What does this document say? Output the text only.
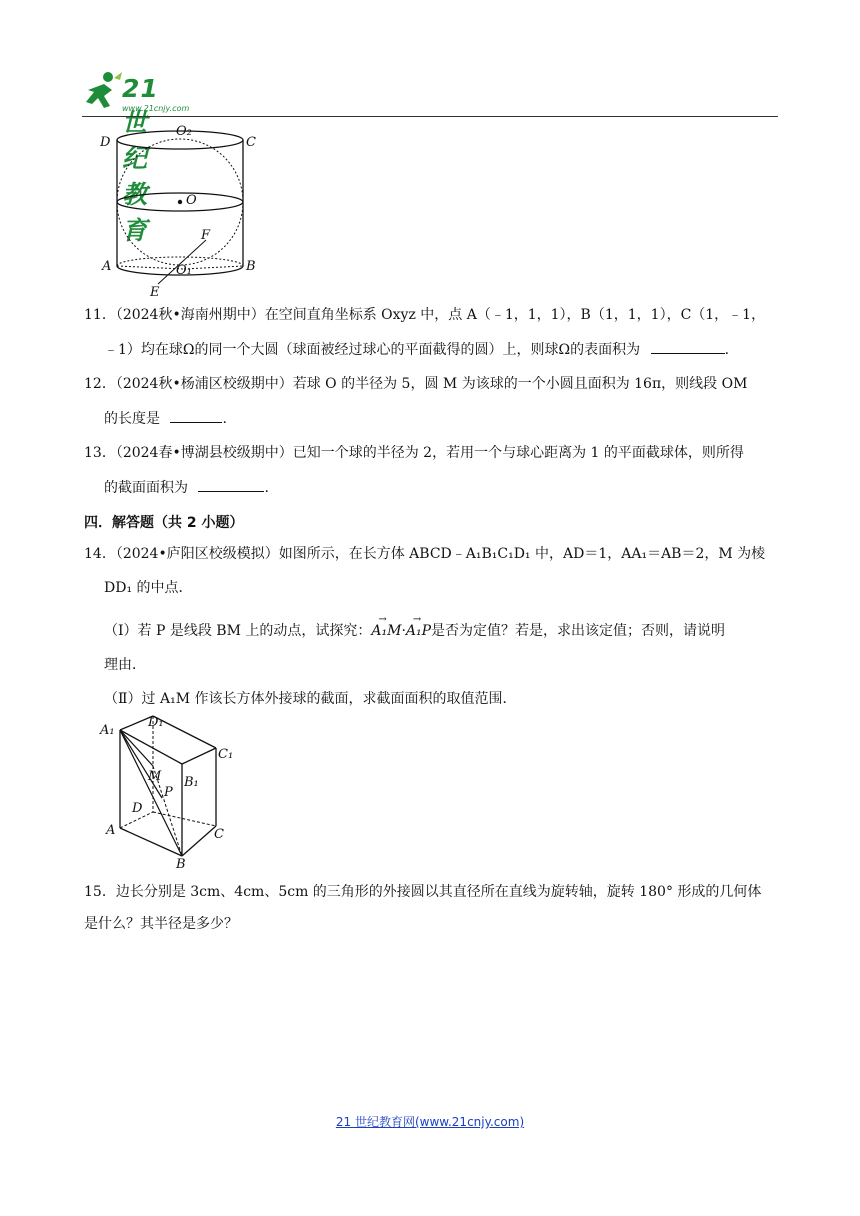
21世纪教育
www.21cnjy.com
D
O₂
C
O
F
A	O₁	B
E
11．（2024秋•海南州期中）在空间直角坐标系 Oxyz 中，点 A（﹣1，1，1），B（1，1，1），C（1，﹣1，
﹣1）均在球Ω的同一个大圆（球面被经过球心的平面截得的圆）上，则球Ω的表面积为	.
12．（2024秋•杨浦区校级期中）若球 O 的半径为 5，圆 M 为该球的一个小圆且面积为 16π，则线段 OM
的长度是	.
13．（2024春•博湖县校级期中）已知一个球的半径为 2，若用一个与球心距离为 1 的平面截球体，则所得
的截面面积为	.
四．解答题（共 2 小题）
14．（2024•庐阳区校级模拟）如图所示，在长方体 ABCD﹣A₁B₁C₁D₁ 中，AD＝1，AA₁＝AB＝2，M 为棱
DD₁ 的中点．
（Ⅰ）若 P 是线段 BM 上的动点，试探究：
→
A₁M·
→
A₁P是否为定值？若是，求出该定值；否则，请说明
理由．
（Ⅱ）过 A₁M 作该长方体外接球的截面，求截面面积的取值范围．
D₁
C₁
A₁
M B₁
P
D
A	C
B
15．边长分别是 3cm、4cm、5cm 的三角形的外接圆以其直径所在直线为旋转轴，旋转 180° 形成的几何体
是什么？其半径是多少？
21 世纪教育网(www.21cnjy.com)
